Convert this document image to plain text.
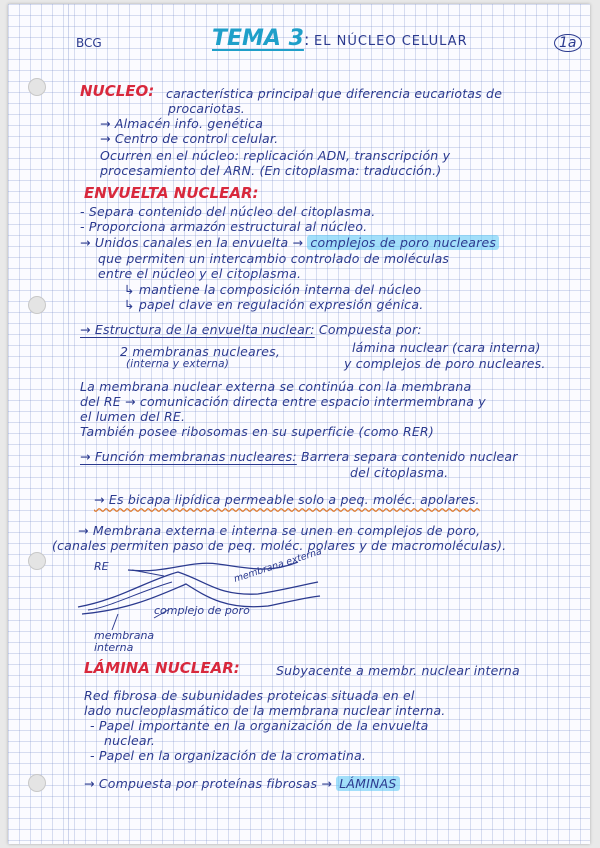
BCG	TEMA 3 : EL NÚCLEO CELULAR	1a
NUCLEO: característica principal que diferencia eucariotas de
procariotas.
→ Almacén info. genética
→ Centro de control celular.
Ocurren en el núcleo: replicación ADN, transcripción y
procesamiento del ARN. (En citoplasma: traducción.)
ENVUELTA NUCLEAR:
- Separa contenido del núcleo del citoplasma.
- Proporciona armazón estructural al núcleo.
→ Unidos canales en la envuelta → complejos de poro nucleares
que permiten un intercambio controlado de moléculas
entre el núcleo y el citoplasma.
↳ mantiene la composición interna del núcleo
↳ papel clave en regulación expresión génica.
→ Estructura de la envuelta nuclear: Compuesta por:
2 membranas nucleares,
(interna y externa)
lámina nuclear (cara interna)
y complejos de poro nucleares.
La membrana nuclear externa se continúa con la membrana
del RE → comunicación directa entre espacio intermembrana y
el lumen del RE.
También posee ribosomas en su superficie (como RER)
→ Función membranas nucleares: Barrera separa contenido nuclear
del citoplasma.
→ Es bicapa lipídica permeable solo a peq. moléc. apolares.
→ Membrana externa e interna se unen en complejos de poro,
(canales permiten paso de peq. moléc. polares y de macromoléculas).
RE	membrana externa
complejo de poro
membrana interna
LÁMINA NUCLEAR:	Subyacente a membr. nuclear interna
Red fibrosa de subunidades proteicas situada en el
lado nucleoplasmático de la membrana nuclear interna.
- Papel importante en la organización de la envuelta
nuclear.
- Papel en la organización de la cromatina.
→ Compuesta por proteínas fibrosas → LÁMINAS
